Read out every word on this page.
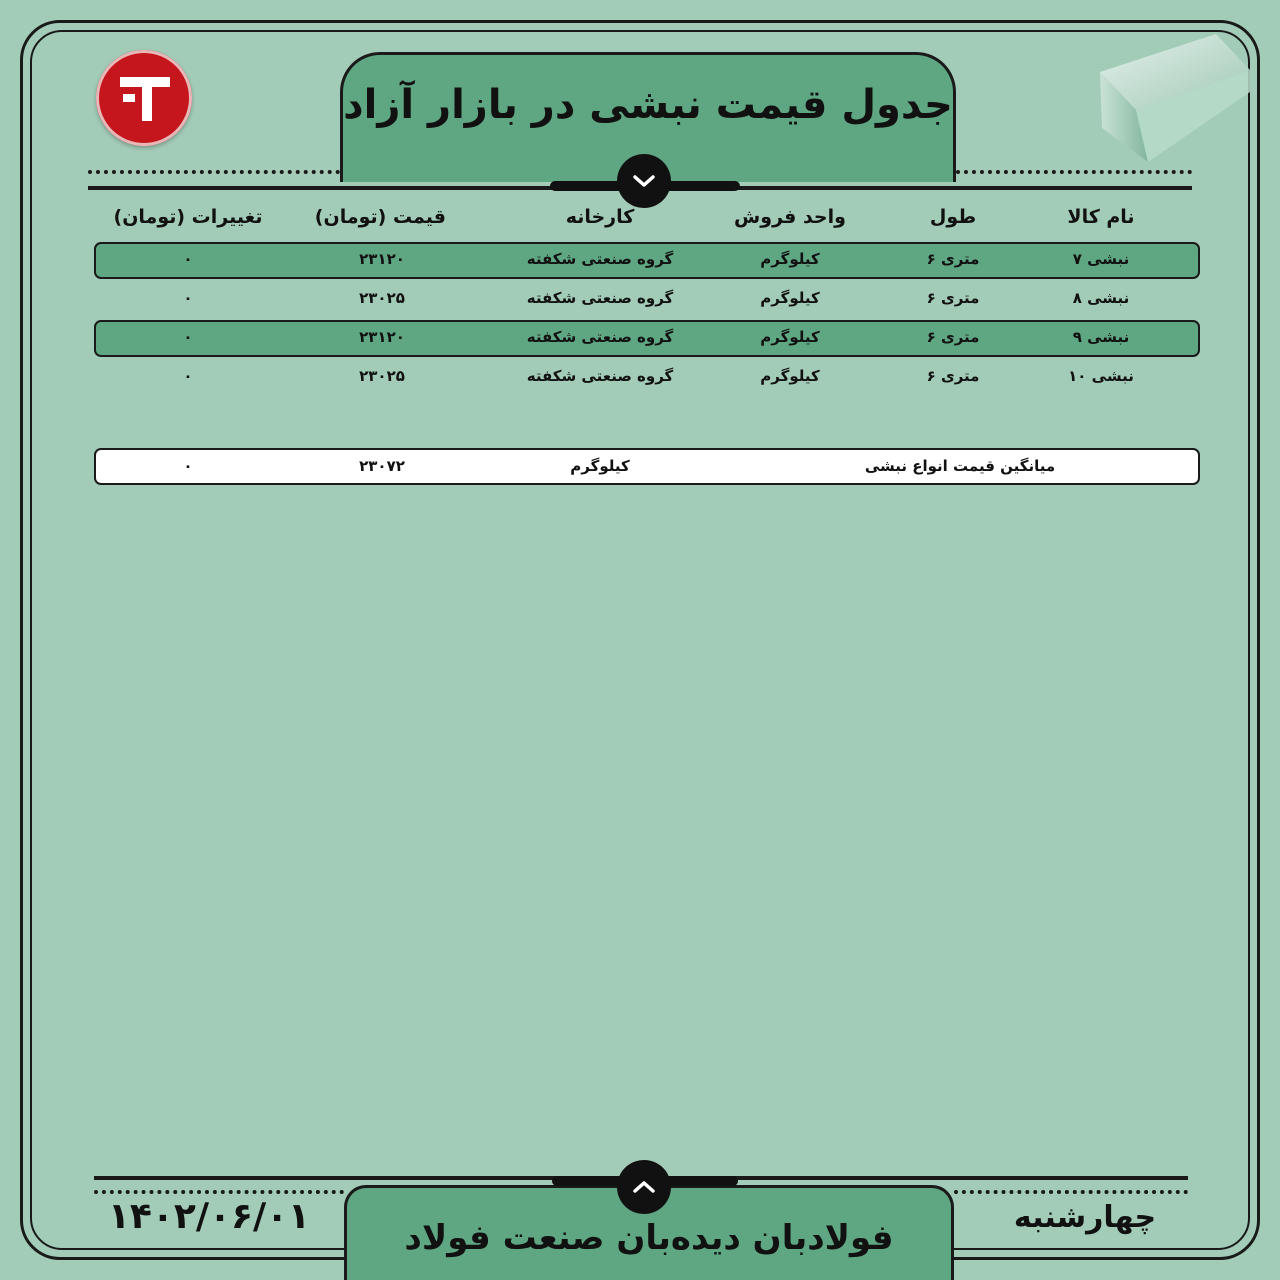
جدول قیمت نبشی در بازار آزاد
نام کالا
طول
واحد فروش
کارخانه
قیمت (تومان)
تغییرات (تومان)
نبشی ۷
متری ۶
کیلوگرم
گروه صنعتی شکفته
۲۳۱۲۰
۰
نبشی ۸
متری ۶
کیلوگرم
گروه صنعتی شکفته
۲۳۰۲۵
۰
نبشی ۹
متری ۶
کیلوگرم
گروه صنعتی شکفته
۲۳۱۲۰
۰
نبشی ۱۰
متری ۶
کیلوگرم
گروه صنعتی شکفته
۲۳۰۲۵
۰
میانگین قیمت انواع نبشی
کیلوگرم
۲۳۰۷۲
۰
فولادبان دیده‌بان صنعت فولاد
۱۴۰۲/۰۶/۰۱	چهارشنبه
